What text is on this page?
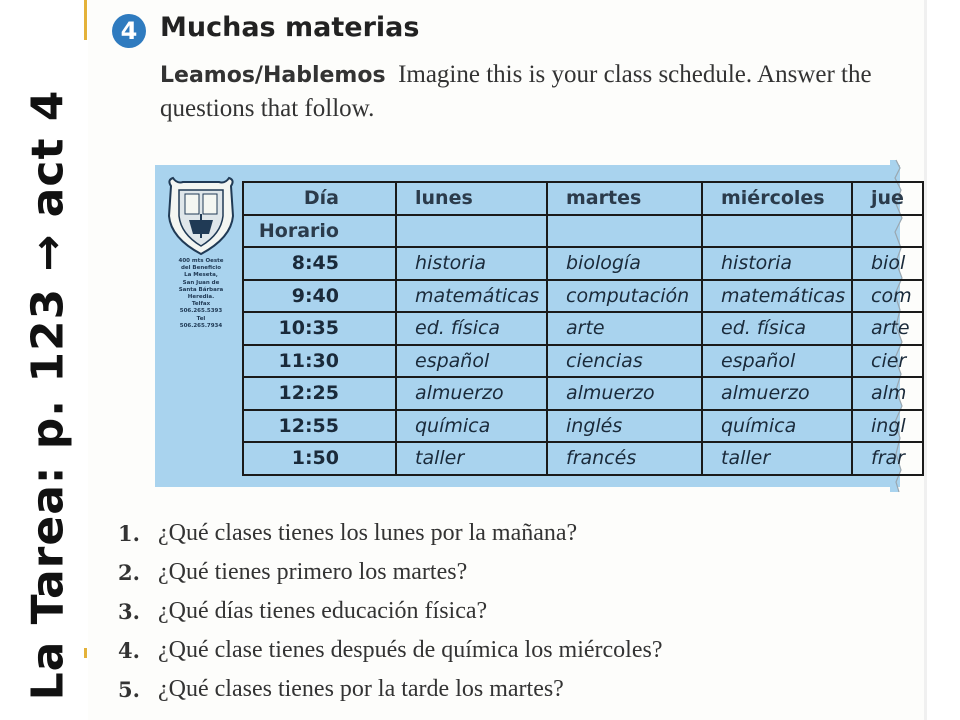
La Tarea: p. 123 → act 4
4 Muchas materias
Leamos/Hablemos Imagine this is your class schedule. Answer the questions that follow.
400 mts Oeste
del Beneficio
La Meseta,
San Juan de
Santa Bárbara
Heredia.
Telfax
506.265.5393
Tel
506.265.7934
Día	lunes	martes	miércoles	jue
Horario				
8:45	historia	biología	historia	biol
9:40	matemáticas	computación	matemáticas	com
10:35	ed. física	arte	ed. física	arte
11:30	español	ciencias	español	cier
12:25	almuerzo	almuerzo	almuerzo	alm
12:55	química	inglés	química	ingl
1:50	taller	francés	taller	frar
1. ¿Qué clases tienes los lunes por la mañana?
2. ¿Qué tienes primero los martes?
3. ¿Qué días tienes educación física?
4. ¿Qué clase tienes después de química los miércoles?
5. ¿Qué clases tienes por la tarde los martes?
